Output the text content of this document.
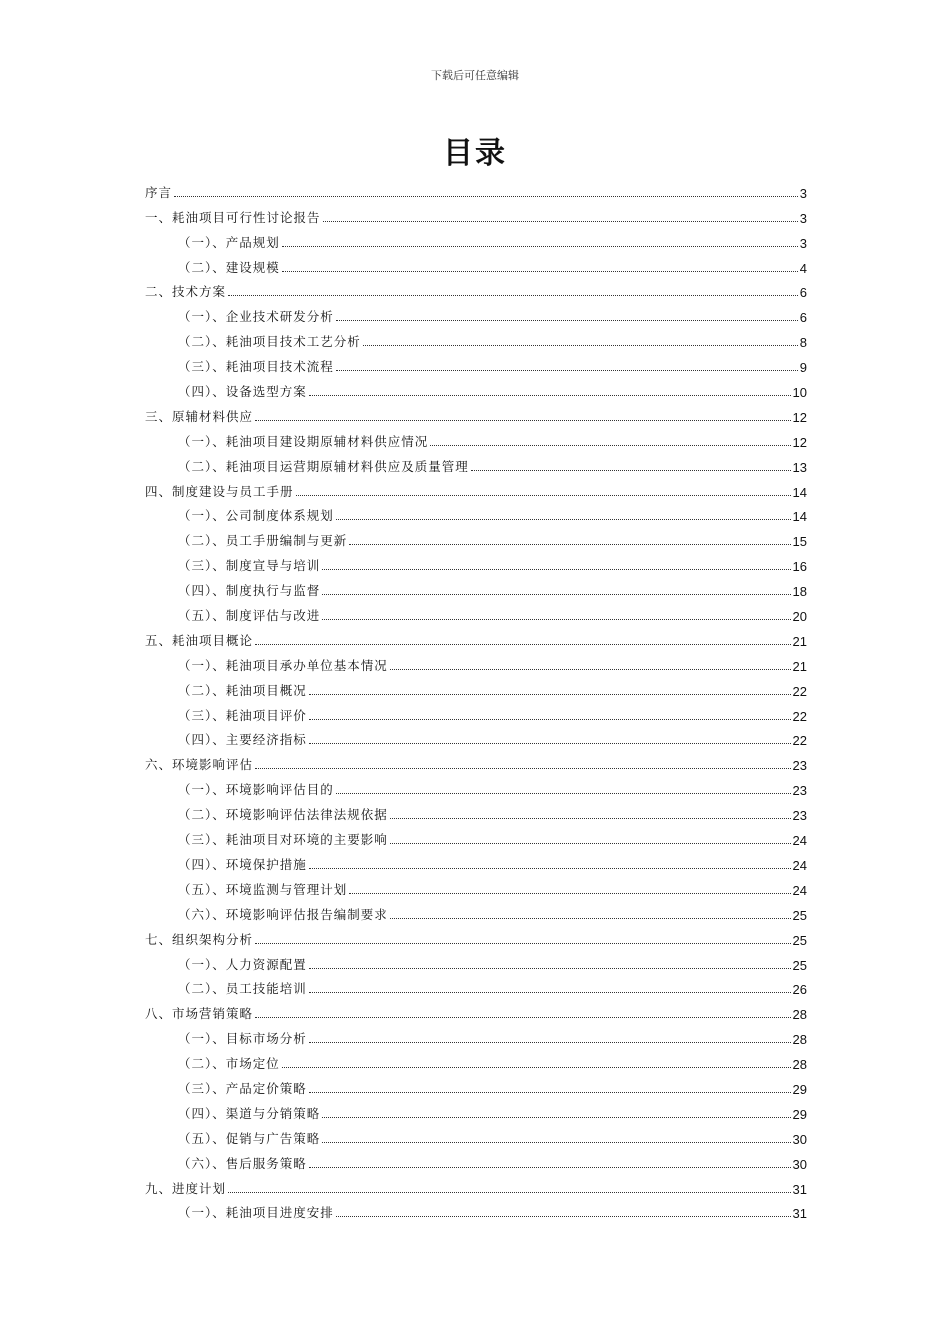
下载后可任意编辑
目录
序言	3
一、耗油项目可行性讨论报告	3
（一）、产品规划	3
（二）、建设规模	4
二、技术方案	6
（一）、企业技术研发分析	6
（二）、耗油项目技术工艺分析	8
（三）、耗油项目技术流程	9
（四）、设备选型方案	10
三、原辅材料供应	12
（一）、耗油项目建设期原辅材料供应情况	12
（二）、耗油项目运营期原辅材料供应及质量管理	13
四、制度建设与员工手册	14
（一）、公司制度体系规划	14
（二）、员工手册编制与更新	15
（三）、制度宣导与培训	16
（四）、制度执行与监督	18
（五）、制度评估与改进	20
五、耗油项目概论	21
（一）、耗油项目承办单位基本情况	21
（二）、耗油项目概况	22
（三）、耗油项目评价	22
（四）、主要经济指标	22
六、环境影响评估	23
（一）、环境影响评估目的	23
（二）、环境影响评估法律法规依据	23
（三）、耗油项目对环境的主要影响	24
（四）、环境保护措施	24
（五）、环境监测与管理计划	24
（六）、环境影响评估报告编制要求	25
七、组织架构分析	25
（一）、人力资源配置	25
（二）、员工技能培训	26
八、市场营销策略	28
（一）、目标市场分析	28
（二）、市场定位	28
（三）、产品定价策略	29
（四）、渠道与分销策略	29
（五）、促销与广告策略	30
（六）、售后服务策略	30
九、进度计划	31
（一）、耗油项目进度安排	31
